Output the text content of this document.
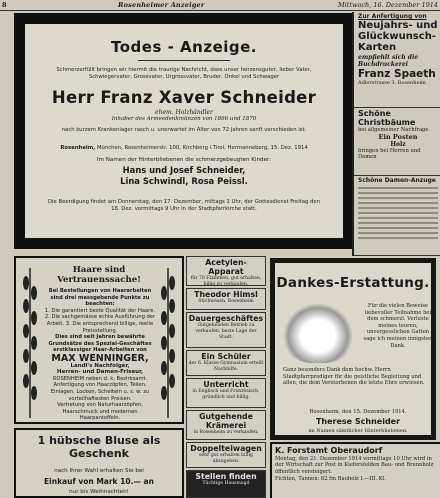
8	Rosenheimer Anzeiger	Mittwoch, 16. Dezember 1914
Todes - Anzeige.

Schmerzerfüllt bringen wir hiermit die traurige Nachricht, dass unser herzensguter, lieber Vater, Schwiegervater, Grossvater, Urgrossvater, Bruder, Onkel und Schwager

Herr Franz Xaver Schneider
ehem. Holzhändler
Inhaber des Armeedenkmünzen von 1866 und 1870
nach kurzem Krankenlager rasch u. unerwartet im Alter von 72 Jahren sanft verschieden ist.
Rosenheim, München, Rosenheimerstr. 100, Kirchberg i.Tirol, Hermanneberg, 15. Dez. 1914
Im Namen der Hinterbliebenen die schmerzgebeugten Kinder:
Hans und Josef Schneider,
Lina Schwindl, Rosa Peissl.

Die Beerdigung findet am Donnerstag, den 17. Dezember, mittags 1 Uhr, der Gottesdienst Freitag den 18. Dez. vormittags 9 Uhr in der Stadtpfarrkirche statt.

Zur Anfertigung von
Neujahrs- und Glückwunsch-Karten
empfiehlt sich die Buchdruckerei
Franz Spaeth
Adlerstrasse 3, Rosenheim
Schöne Christbäume
bei allgemeiner Nachfrage
Ein Posten
Holz
bringen bei Herren und Damen
Schöne Damen-Anzuge
Haare sind Vertrauenssache!
Bei Bestellungen von Haararbeiten sind drei massgebende Punkte zu beachten:
1. Die garantiert beste Qualität der Haare. 2. Die sachgemässe echte Ausführung der Arbeit. 3. Die entsprechend billige, reelle Preisstellung.
Dies sind seit Jahren bewährte Grundsätze des Spezial-Geschäftes erstklassiger Haar-Arbeiten von
MAX WENNINGER,
Landl's Nachfolger,
Herren- und Damen-Friseur,
ROSENHEIM neben d. k. Bezirksamt. Anfertigung von Haarzöpfen, Teilen, Einlagen, Locken, Scheiteln u. s. w. zu vorteilhaftesten Preisen.
Vertretung von Naturhaarzöpfen, Haarschmuck und modernen Haarpantoffeln.
1 hübsche Bluse als Geschenk
nach Ihrer Wahl erhalten Sie bei
Einkauf von Mark 10.— an
nur bis Weihnachten!
Acetylen-Apparat
für 70 Flammen, gut erhalten, billig zu verkaufen.
Theodor Himsl
Stichwesen, Rosenheim
Dauergeschäftes
Gutgehenden Betrieb zu verkaufen, beste Lage der Stadt.
Ein Schüler
der 6. Klasse Gymnasium erteilt Nachhilfe.
Unterricht
in Englisch und Französisch, gründlich und billig.
Gutgehende Krämerei
in Rosenheim zu verkaufen.
Doppelteiwagen
sehr gut erhalten billig abzugeben.
Stellen finden
Tüchtige Hausmagd
Dankes-Erstattung.
Für die vielen Beweise liebevoller Teilnahme bei dem schmerzl. Verluste meines teuren, unvergesslichen Gatten sage ich meinen innigsten Dank.
Ganz besonders Dank dem hochw. Herrn Stadtpfarrprediger für die geistliche Begleitung und allen, die dem Verstorbenen die letzte Ehre erwiesen.
Rosenheim, den 15. Dezember 1914.
Therese Schneider
im Namen sämtlicher Hinterbliebenen.
K. Forstamt Oberaudorf
Montag, den 21. Dezember 1914 vormittags 10 Uhr wird in der Wirtschaft zur Post in Kiefersfelden Bau- und Brennholz öffentlich versteigert.
Fichten, Tannen: 82 fm Bauholz I.—III. Kl.
